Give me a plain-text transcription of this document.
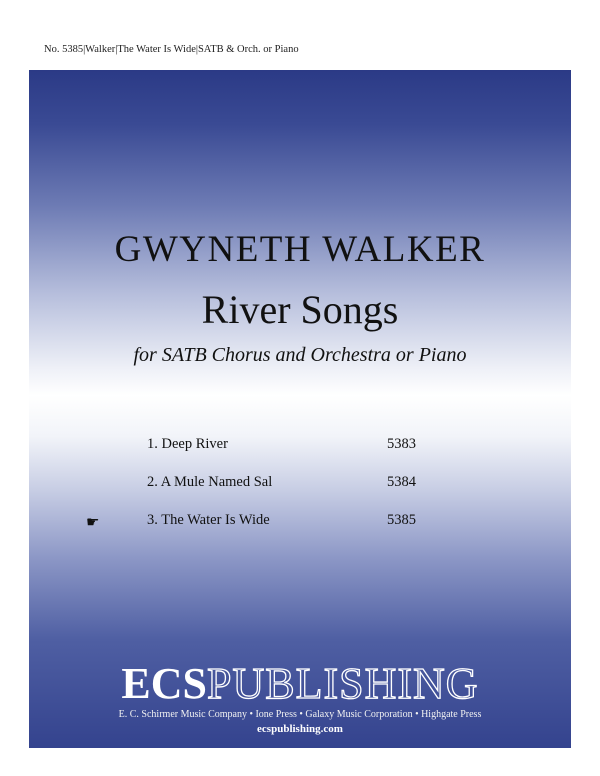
No. 5385|Walker|The Water Is Wide|SATB & Orch. or Piano
GWYNETH WALKER
River Songs
for SATB Chorus and Orchestra or Piano
1. Deep River	5383
2. A Mule Named Sal	5384
☛	3. The Water Is Wide	5385
ECSPUBLISHING
E. C. Schirmer Music Company • Ione Press • Galaxy Music Corporation • Highgate Press
ecspublishing.com
